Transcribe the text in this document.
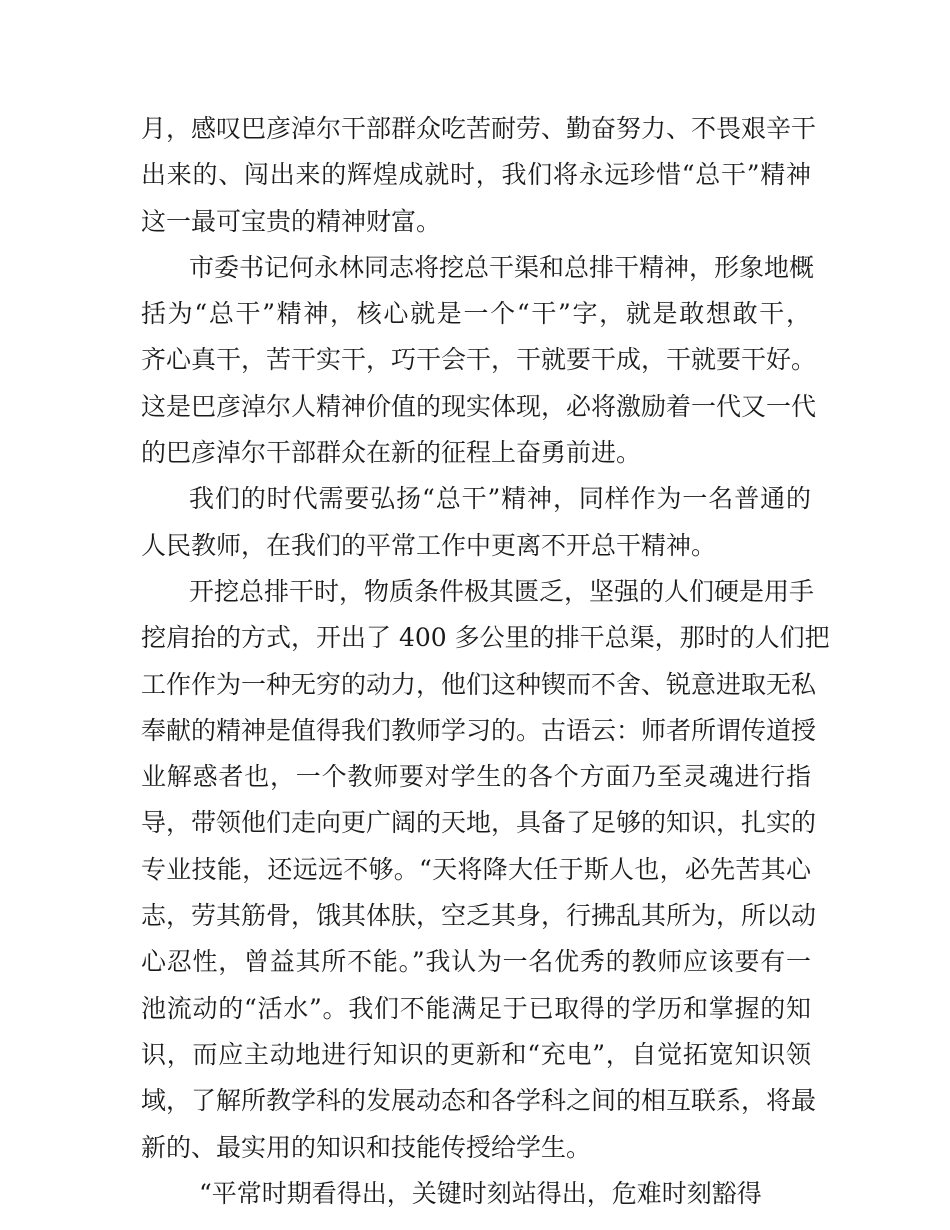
月，感叹巴彦淖尔干部群众吃苦耐劳、勤奋努力、不畏艰辛干

出来的、闯出来的辉煌成就时，我们将永远珍惜“总干”精神

这一最可宝贵的精神财富。

市委书记何永林同志将挖总干渠和总排干精神，形象地概

括为“总干”精神，核心就是一个“干”字，就是敢想敢干，

齐心真干，苦干实干，巧干会干，干就要干成，干就要干好。

这是巴彦淖尔人精神价值的现实体现，必将激励着一代又一代

的巴彦淖尔干部群众在新的征程上奋勇前进。

我们的时代需要弘扬“总干”精神，同样作为一名普通的

人民教师，在我们的平常工作中更离不开总干精神。

开挖总排干时，物质条件极其匮乏，坚强的人们硬是用手

挖肩抬的方式，开出了 400 多公里的排干总渠，那时的人们把

工作作为一种无穷的动力，他们这种锲而不舍、锐意进取无私

奉献的精神是值得我们教师学习的。古语云：师者所谓传道授

业解惑者也，一个教师要对学生的各个方面乃至灵魂进行指

导，带领他们走向更广阔的天地，具备了足够的知识，扎实的

专业技能，还远远不够。“天将降大任于斯人也，必先苦其心

志，劳其筋骨，饿其体肤，空乏其身，行拂乱其所为，所以动

心忍性，曾益其所不能。”我认为一名优秀的教师应该要有一

池流动的“活水”。我们不能满足于已取得的学历和掌握的知

识，而应主动地进行知识的更新和“充电”，自觉拓宽知识领

域，了解所教学科的发展动态和各学科之间的相互联系，将最

新的、最实用的知识和技能传授给学生。

“平常时期看得出，关键时刻站得出，危难时刻豁得
